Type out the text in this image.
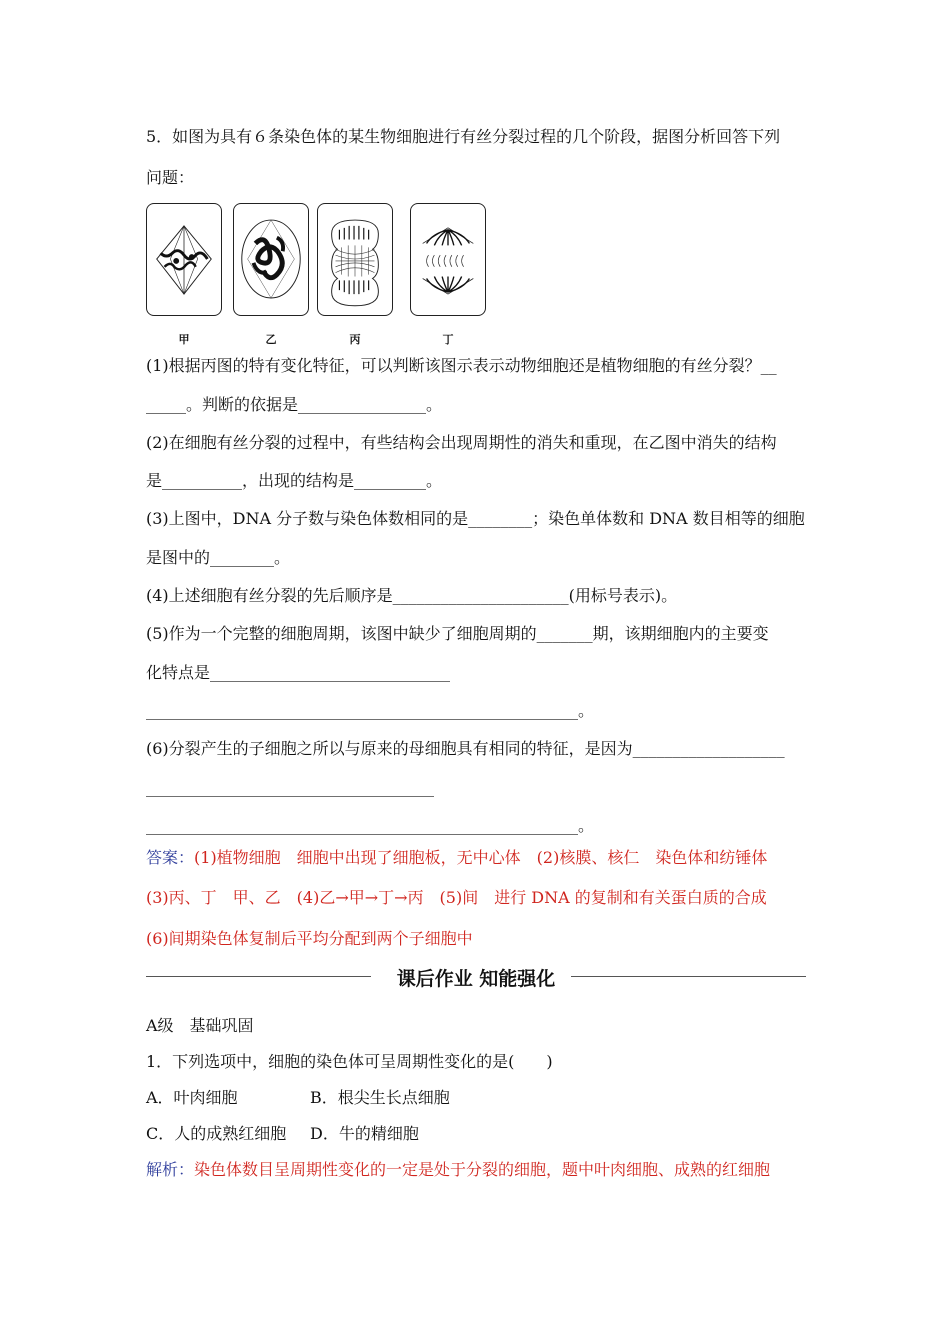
5．如图为具有６条染色体的某生物细胞进行有丝分裂过程的几个阶段，据图分析回答下列
问题：
甲	乙	丙	丁
(1)根据丙图的特有变化特征，可以判断该图示表示动物细胞还是植物细胞的有丝分裂？__
_____。判断的依据是________________。
(2)在细胞有丝分裂的过程中，有些结构会出现周期性的消失和重现，在乙图中消失的结构
是__________，出现的结构是_________。
(3)上图中，DNA 分子数与染色体数相同的是________；染色单体数和 DNA 数目相等的细胞
是图中的________。
(4)上述细胞有丝分裂的先后顺序是______________________(用标号表示)。
(5)作为一个完整的细胞周期，该图中缺少了细胞周期的_______期，该期细胞内的主要变
化特点是______________________________
______________________________________________________。
(6)分裂产生的子细胞之所以与原来的母细胞具有相同的特征，是因为___________________
____________________________________
______________________________________________________。
答案：(1)植物细胞　细胞中出现了细胞板，无中心体　(2)核膜、核仁　染色体和纺锤体
(3)丙、丁　甲、乙　(4)乙→甲→丁→丙　(5)间　进行 DNA 的复制和有关蛋白质的合成
(6)间期染色体复制后平均分配到两个子细胞中
课后作业 知能强化
A级　基础巩固
1．下列选项中，细胞的染色体可呈周期性变化的是(　　)
A．叶肉细胞	B．根尖生长点细胞
C．人的成熟红细胞 D．牛的精细胞
解析：染色体数目呈周期性变化的一定是处于分裂的细胞，题中叶肉细胞、成熟的红细胞
